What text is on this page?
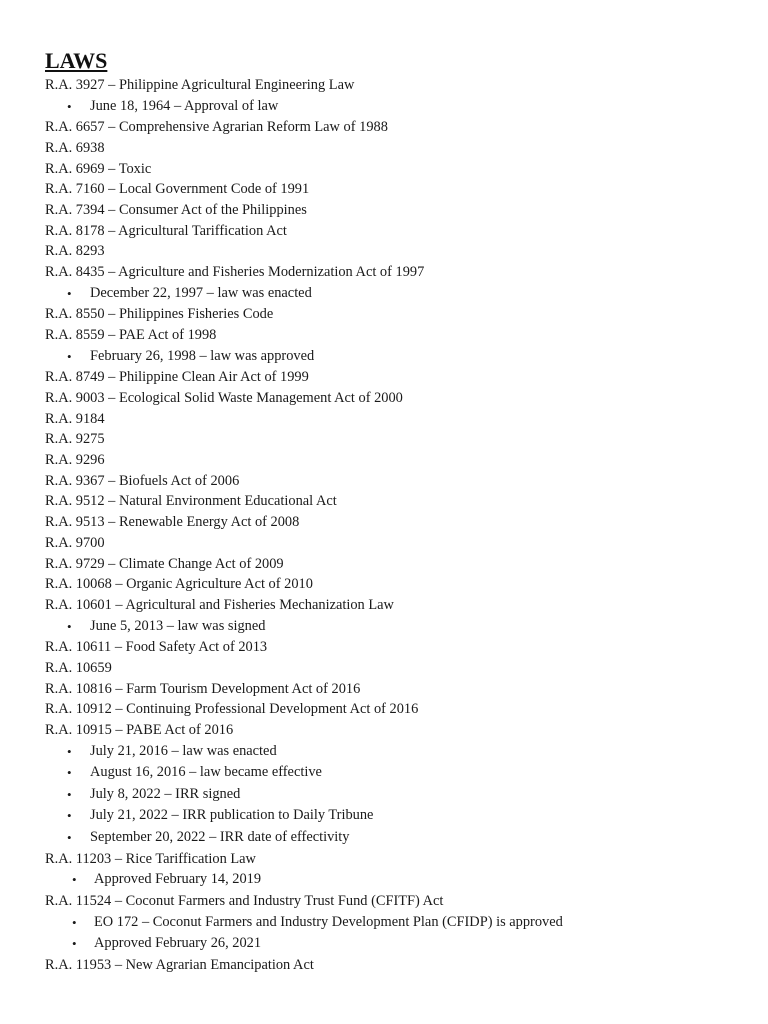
LAWS
R.A. 3927 – Philippine Agricultural Engineering Law
• June 18, 1964 – Approval of law
R.A. 6657 – Comprehensive Agrarian Reform Law of 1988
R.A. 6938
R.A. 6969 – Toxic
R.A. 7160 – Local Government Code of 1991
R.A. 7394 – Consumer Act of the Philippines
R.A. 8178 – Agricultural Tariffication Act
R.A. 8293
R.A. 8435 – Agriculture and Fisheries Modernization Act of 1997
• December 22, 1997 – law was enacted
R.A. 8550 – Philippines Fisheries Code
R.A. 8559 – PAE Act of 1998
• February 26, 1998 – law was approved
R.A. 8749 – Philippine Clean Air Act of 1999
R.A. 9003 – Ecological Solid Waste Management Act of 2000
R.A. 9184
R.A. 9275
R.A. 9296
R.A. 9367 – Biofuels Act of 2006
R.A. 9512 – Natural Environment Educational Act
R.A. 9513 – Renewable Energy Act of 2008
R.A. 9700
R.A. 9729 – Climate Change Act of 2009
R.A. 10068 – Organic Agriculture Act of 2010
R.A. 10601 – Agricultural and Fisheries Mechanization Law
• June 5, 2013 – law was signed
R.A. 10611 – Food Safety Act of 2013
R.A. 10659
R.A. 10816 – Farm Tourism Development Act of 2016
R.A. 10912 – Continuing Professional Development Act of 2016
R.A. 10915 – PABE Act of 2016
• July 21, 2016 – law was enacted
• August 16, 2016 – law became effective
• July 8, 2022 – IRR signed
• July 21, 2022 – IRR publication to Daily Tribune
• September 20, 2022 – IRR date of effectivity
R.A. 11203 – Rice Tariffication Law
• Approved February 14, 2019
R.A. 11524 – Coconut Farmers and Industry Trust Fund (CFITF) Act
• EO 172 – Coconut Farmers and Industry Development Plan (CFIDP) is approved
• Approved February 26, 2021
R.A. 11953 – New Agrarian Emancipation Act
